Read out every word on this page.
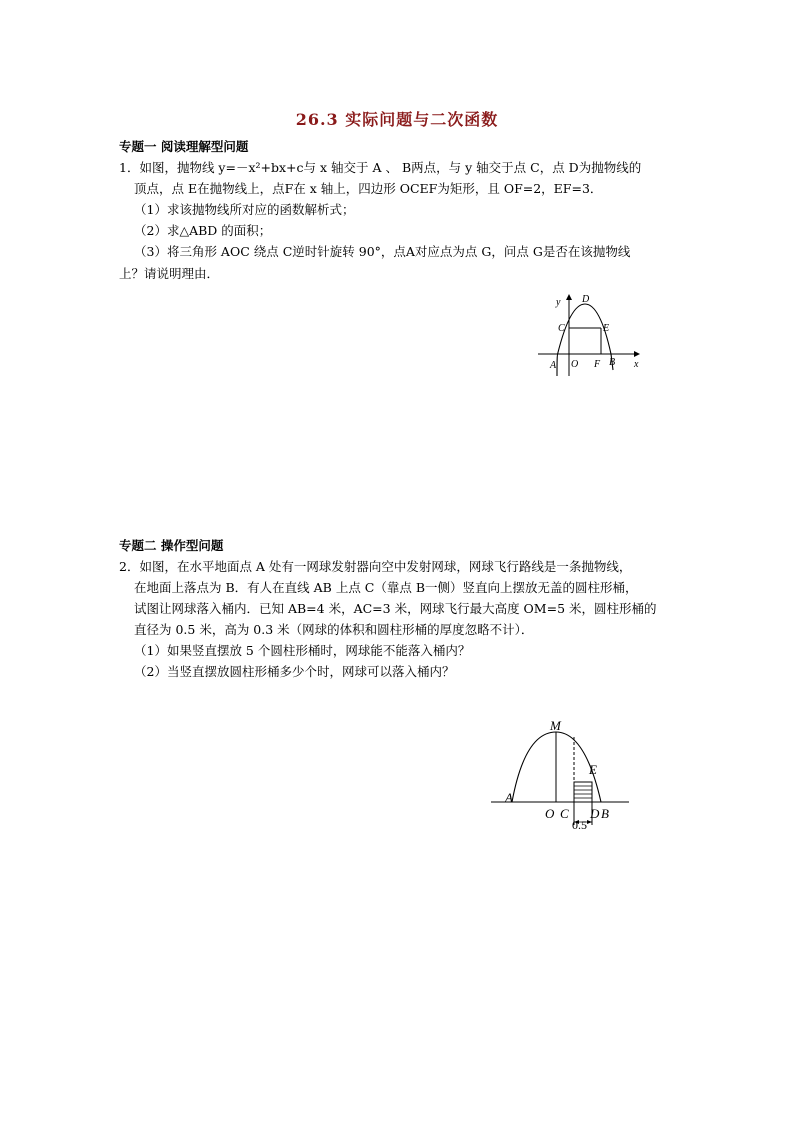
26.3 实际问题与二次函数
专题一 阅读理解型问题
1．如图，抛物线 y=－x²+bx+c与 x 轴交于 A 、 B两点，与 y 轴交于点 C，点 D为抛物线的
顶点，点 E在抛物线上，点F在 x 轴上，四边形 OCEF为矩形，且 OF=2，EF=3．
（1）求该抛物线所对应的函数解析式；
（2）求△ABD 的面积；
（3）将三角形 AOC 绕点 C逆时针旋转 90°，点A对应点为点 G，问点 G是否在该抛物线
上？请说明理由．
y D
C	E
A O F B x
专题二 操作型问题
2．如图，在水平地面点 A 处有一网球发射器向空中发射网球，网球飞行路线是一条抛物线，
在地面上落点为 B．有人在直线 AB 上点 C（靠点 B一侧）竖直向上摆放无盖的圆柱形桶，
试图让网球落入桶内．已知 AB=4 米，AC=3 米，网球飞行最大高度 OM=5 米，圆柱形桶的
直径为 0.5 米，高为 0.3 米（网球的体积和圆柱形桶的厚度忽略不计）．
（1）如果竖直摆放 5 个圆柱形桶时，网球能不能落入桶内？
（2）当竖直摆放圆柱形桶多少个时，网球可以落入桶内？
M
E
A
O C D B
0.5
